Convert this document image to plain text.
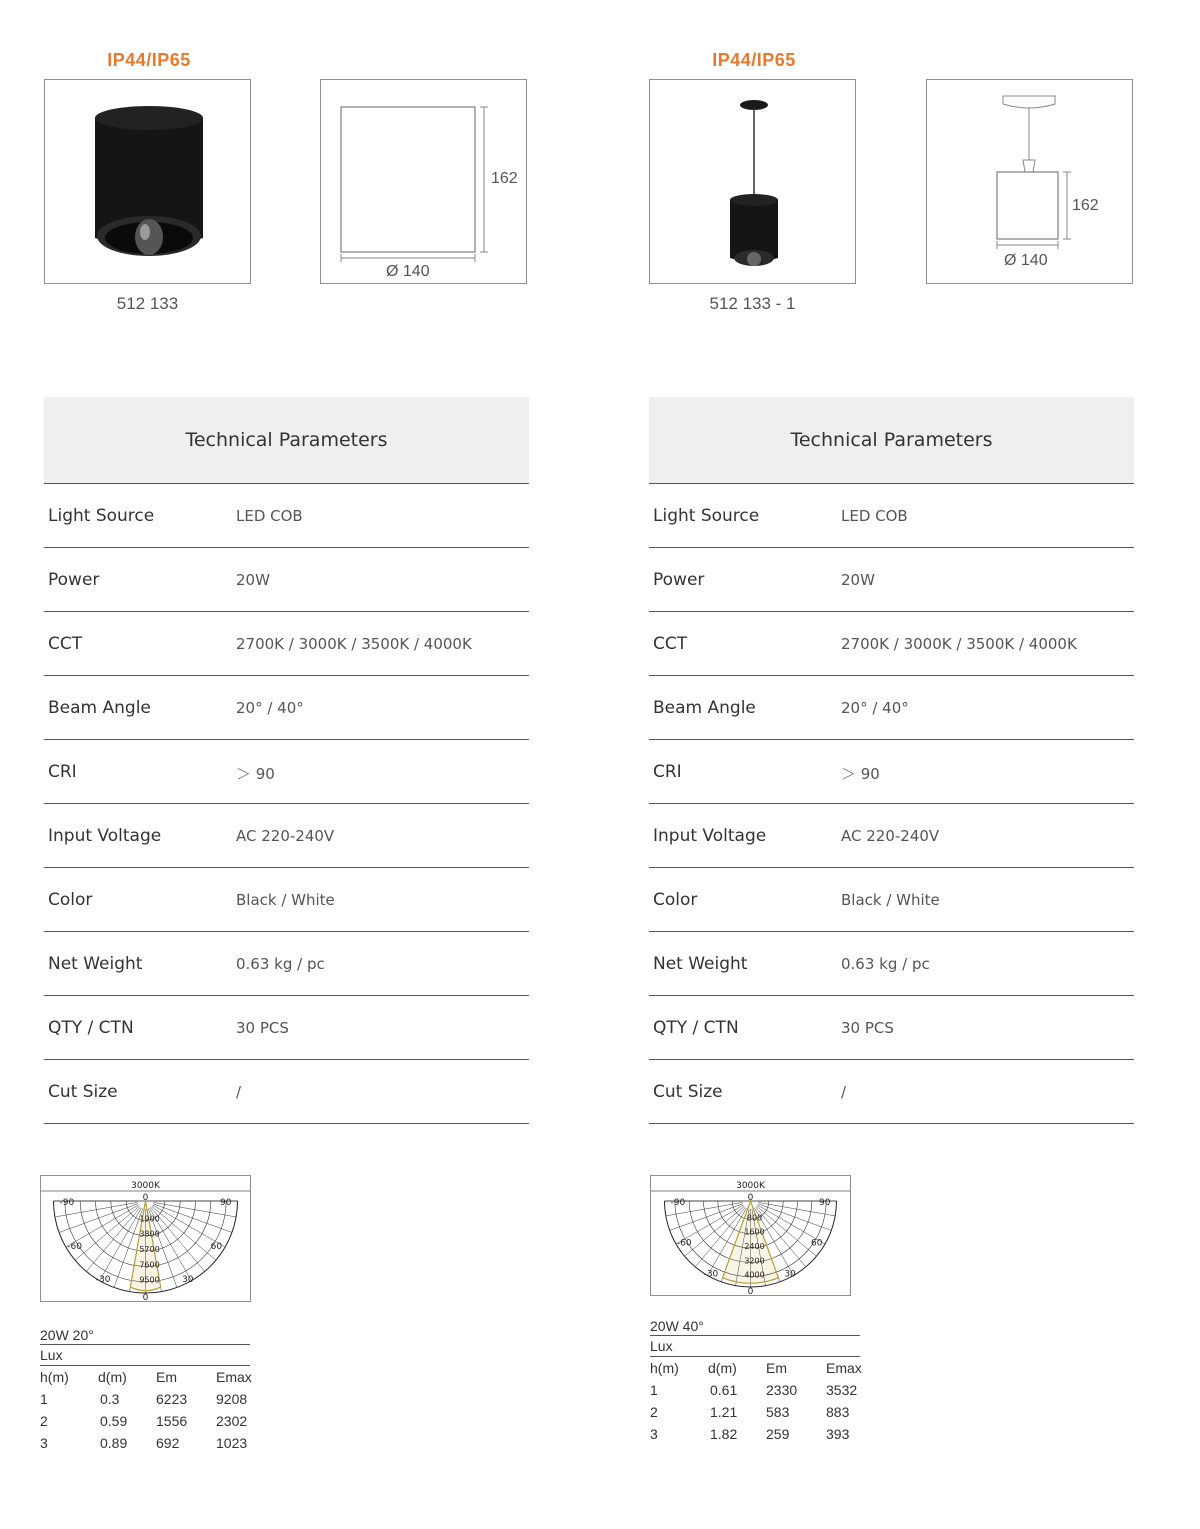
IP44/IP65
162
Ø 140
512 133
IP44/IP65
162
Ø 140
512 133 - 1
Technical Parameters
Light Source	LED COB
Power	20W
CCT	2700K / 3000K / 3500K / 4000K
Beam Angle	20° / 40°
CRI	＞ 90
Input Voltage	AC 220-240V
Color	Black / White
Net Weight	0.63 kg / pc
QTY / CTN	30 PCS
Cut Size	/
Technical Parameters
Light Source	LED COB
Power	20W
CCT	2700K / 3000K / 3500K / 4000K
Beam Angle	20° / 40°
CRI	＞ 90
Input Voltage	AC 220-240V
Color	Black / White
Net Weight	0.63 kg / pc
QTY / CTN	30 PCS
Cut Size	/
3000K
-90	90
-60	60
-30	30
0
0
1900
3800
5700
7600
9500
3000K
-90	90
-60	60
-30	30
0
0
800
1600
2400
3200
4000
20W 20°
Lux
h(m) d(m) Em	Emax
1	0.3	6223 9208
2	0.59 1556 2302
3	0.89 692	1023
20W 40°
Lux
h(m) d(m) Em	Emax
1	0.61 2330 3532
2	1.21 583	883
3	1.82 259	393
